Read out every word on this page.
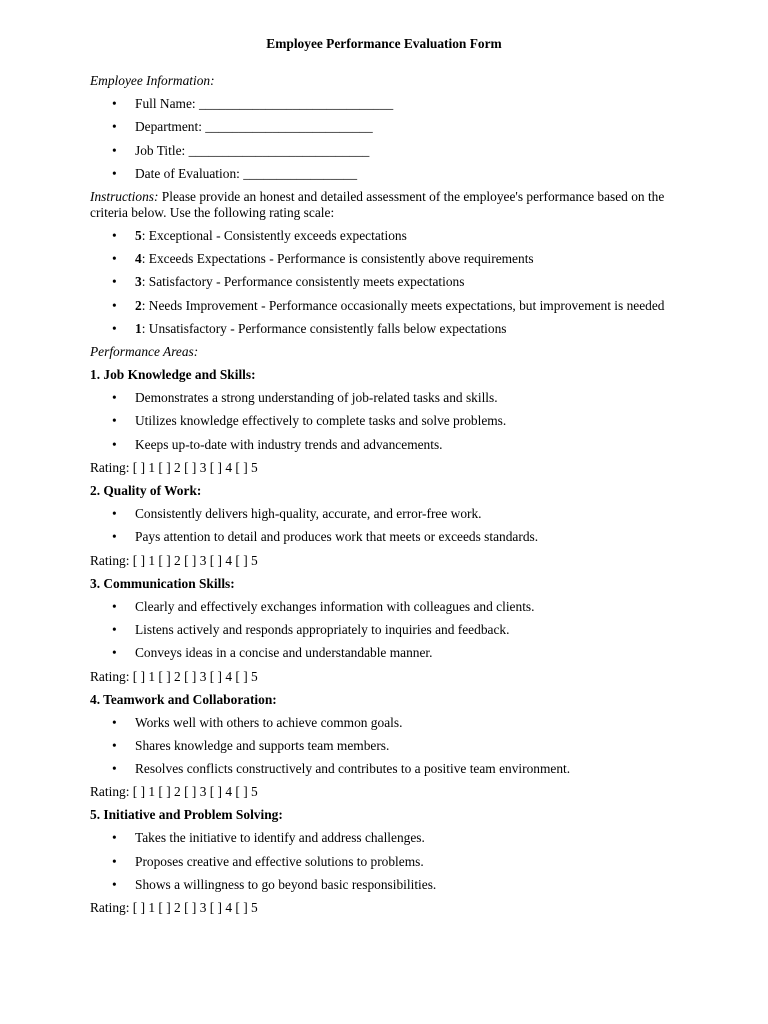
Employee Performance Evaluation Form
Employee Information:
• Full Name: _____________________________
• Department: _________________________
• Job Title: ___________________________
• Date of Evaluation: _________________
Instructions: Please provide an honest and detailed assessment of the employee's performance based on the criteria below. Use the following rating scale:
• 5: Exceptional - Consistently exceeds expectations
• 4: Exceeds Expectations - Performance is consistently above requirements
• 3: Satisfactory - Performance consistently meets expectations
• 2: Needs Improvement - Performance occasionally meets expectations, but improvement is needed
• 1: Unsatisfactory - Performance consistently falls below expectations
Performance Areas:
1. Job Knowledge and Skills:
• Demonstrates a strong understanding of job-related tasks and skills.
• Utilizes knowledge effectively to complete tasks and solve problems.
• Keeps up-to-date with industry trends and advancements.
Rating: [ ] 1 [ ] 2 [ ] 3 [ ] 4 [ ] 5
2. Quality of Work:
• Consistently delivers high-quality, accurate, and error-free work.
• Pays attention to detail and produces work that meets or exceeds standards.
Rating: [ ] 1 [ ] 2 [ ] 3 [ ] 4 [ ] 5
3. Communication Skills:
• Clearly and effectively exchanges information with colleagues and clients.
• Listens actively and responds appropriately to inquiries and feedback.
• Conveys ideas in a concise and understandable manner.
Rating: [ ] 1 [ ] 2 [ ] 3 [ ] 4 [ ] 5
4. Teamwork and Collaboration:
• Works well with others to achieve common goals.
• Shares knowledge and supports team members.
• Resolves conflicts constructively and contributes to a positive team environment.
Rating: [ ] 1 [ ] 2 [ ] 3 [ ] 4 [ ] 5
5. Initiative and Problem Solving:
• Takes the initiative to identify and address challenges.
• Proposes creative and effective solutions to problems.
• Shows a willingness to go beyond basic responsibilities.
Rating: [ ] 1 [ ] 2 [ ] 3 [ ] 4 [ ] 5
